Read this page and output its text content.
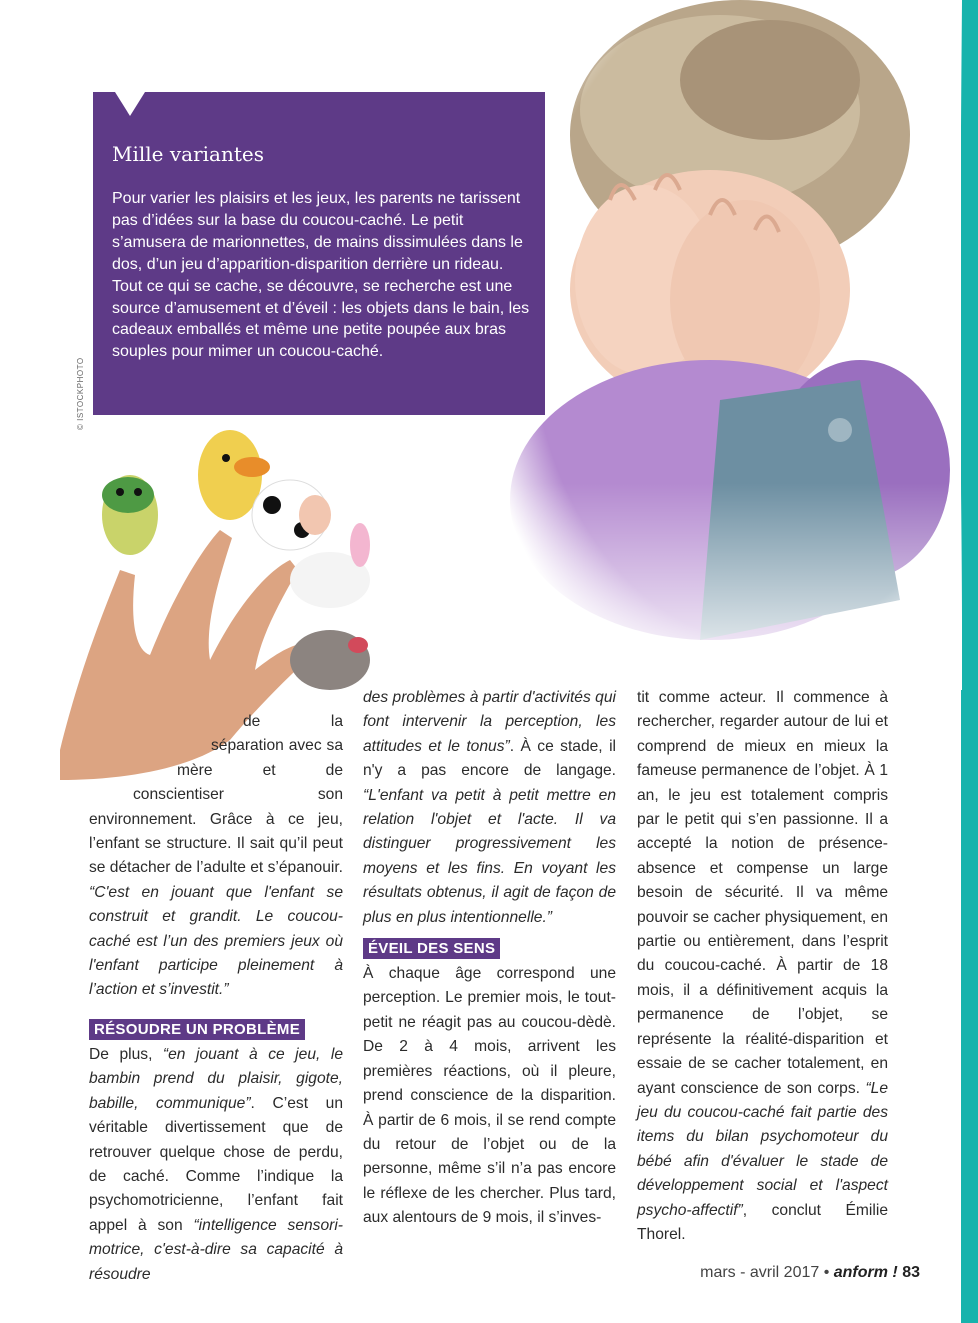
© ISTOCKPHOTO
Mille variantes

Pour varier les plaisirs et les jeux, les parents ne tarissent pas d’idées sur la base du coucou-caché. Le petit s’amusera de marionnettes, de mains dissimulées dans le dos, d’un jeu d’apparition-disparition derrière un rideau. Tout ce qui se cache, se découvre, se recherche est une source d’amusement et d’éveil : les objets dans le bain, les cadeaux emballés et même une petite poupée aux bras souples pour mimer un coucou-caché.

de la séparation avec sa mère et de conscientiser son environnement. Grâce à ce jeu, l’enfant se structure. Il sait qu’il peut se détacher de l’adulte et s’épanouir. “C'est en jouant que l'enfant se construit et grandit. Le coucou-caché est l’un des premiers jeux où l'enfant participe pleinement à l’action et s’investit.”

RÉSOUDRE UN PROBLÈME

De plus, “en jouant à ce jeu, le bambin prend du plaisir, gigote, babille, communique”. C’est un véritable divertissement que de retrouver quelque chose de perdu, de caché. Comme l’indique la psychomotricienne, l’enfant fait appel à son “intelligence sensori-motrice, c'est-à-dire sa capacité à résoudre

des problèmes à partir d'activités qui font intervenir la perception, les attitudes et le tonus”. À ce stade, il n'y a pas encore de langage. “L'enfant va petit à petit mettre en relation l'objet et l'acte. Il va distinguer progressivement les moyens et les fins. En voyant les résultats obtenus, il agit de façon de plus en plus intentionnelle.”

ÉVEIL DES SENS

À chaque âge correspond une perception. Le premier mois, le tout-petit ne réagit pas au coucou-dèdè. De 2 à 4 mois, arrivent les premières réactions, où il pleure, prend conscience de la disparition. À partir de 6 mois, il se rend compte du retour de l’objet ou de la personne, même s’il n’a pas encore le réflexe de les chercher. Plus tard, aux alentours de 9 mois, il s’inves-

tit comme acteur. Il commence à rechercher, regarder autour de lui et comprend de mieux en mieux la fameuse permanence de l’objet. À 1 an, le jeu est totalement compris par le petit qui s’en passionne. Il a accepté la notion de présence-absence et compense un large besoin de sécurité. Il va même pouvoir se cacher physiquement, en partie ou entièrement, dans l’esprit du coucou-caché. À partir de 18 mois, il a définitivement acquis la permanence de l’objet, se représente la réalité-disparition et essaie de se cacher totalement, en ayant conscience de son corps. “Le jeu du coucou-caché fait partie des items du bilan psychomoteur du bébé afin d'évaluer le stade de développement social et l'aspect psycho-affectif”, conclut Émilie Thorel.

mars - avril 2017 • anform ! 83
